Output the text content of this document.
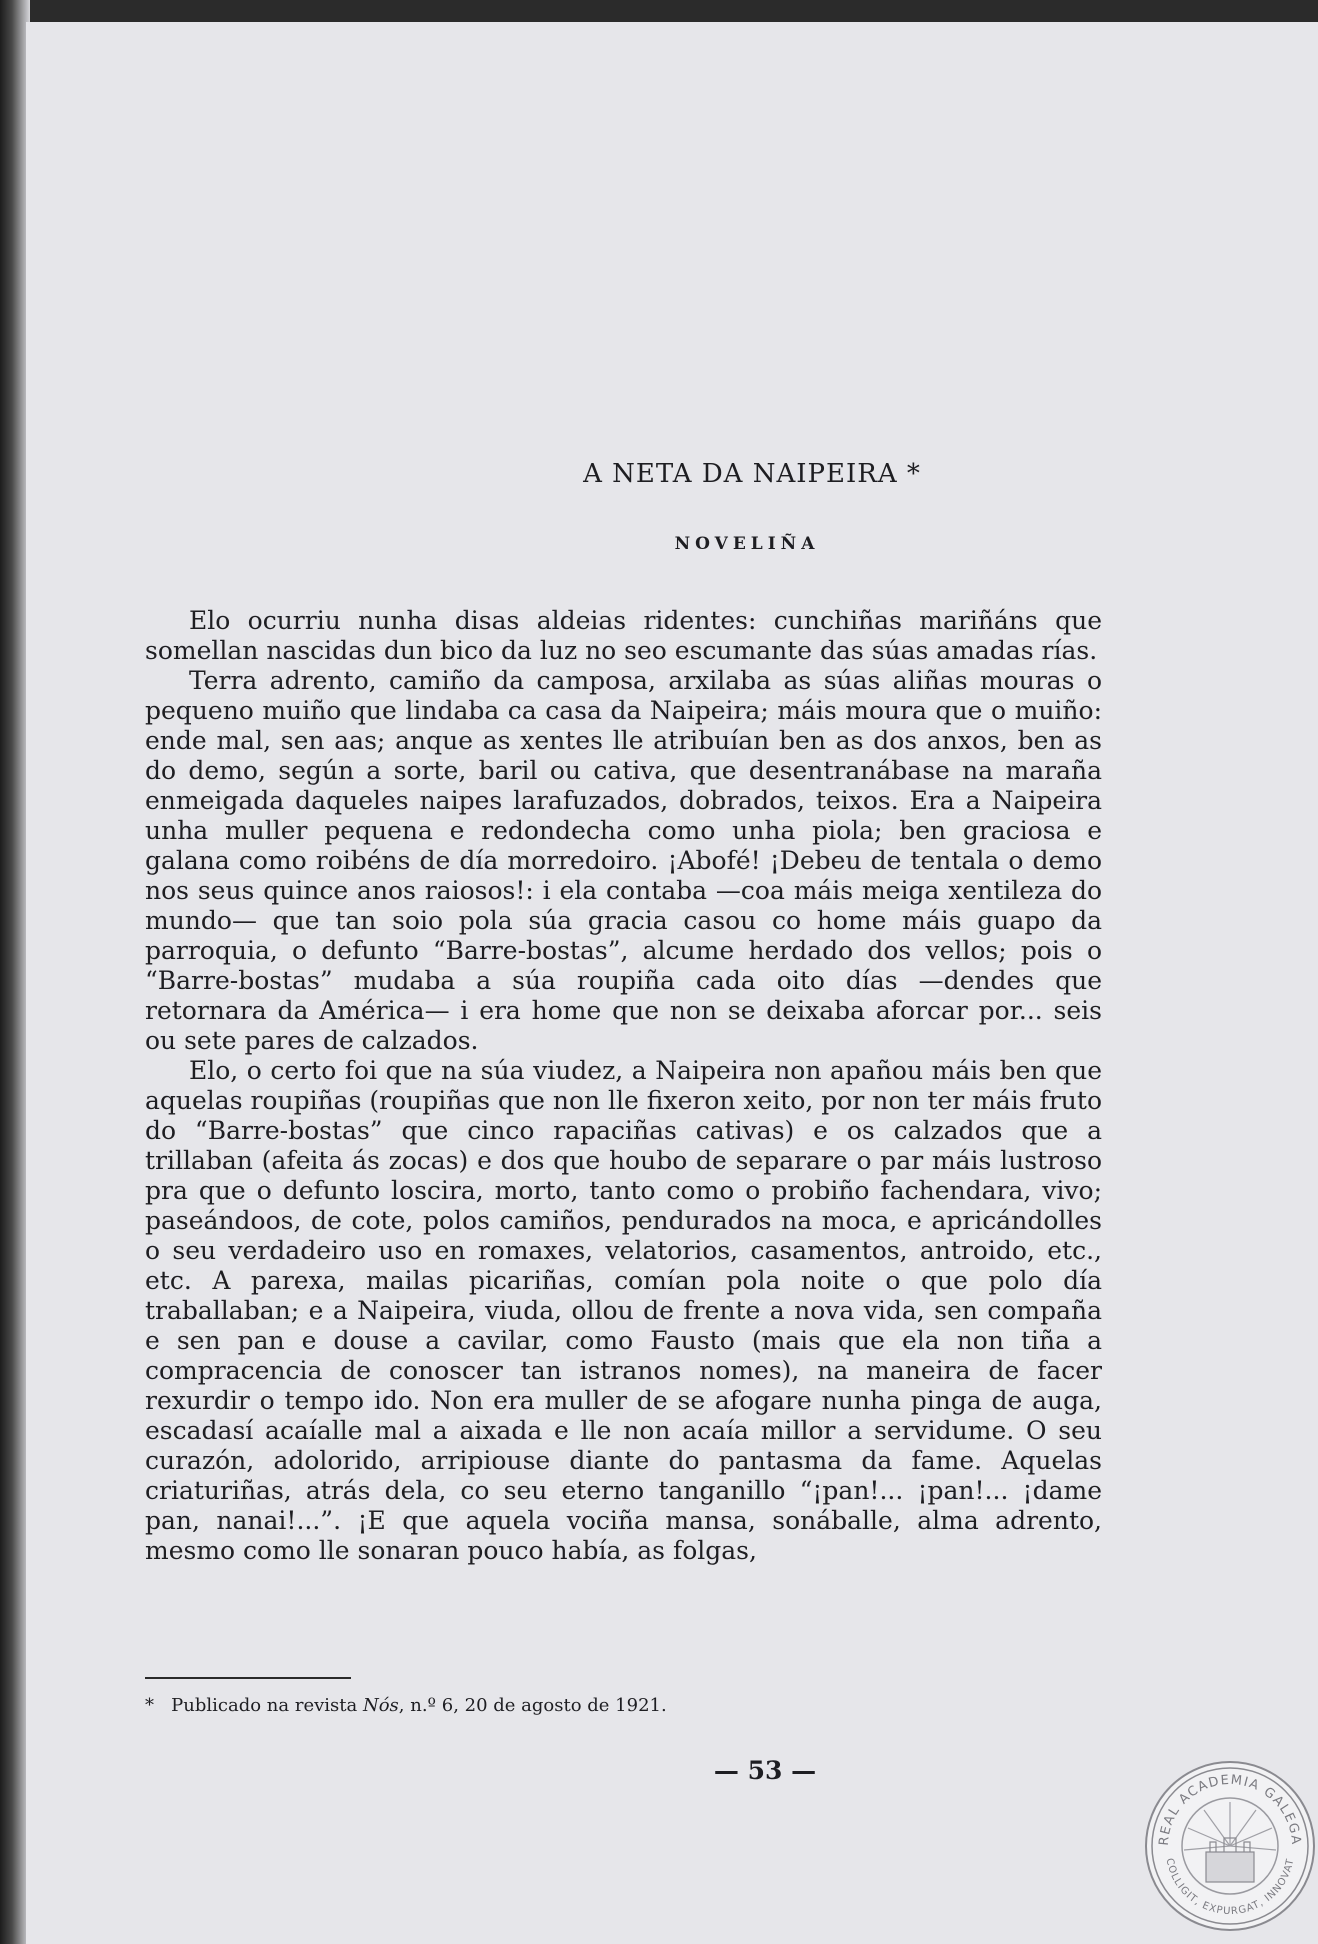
A NETA DA NAIPEIRA *
NOVELIÑA

Elo ocurriu nunha disas aldeias ridentes: cunchiñas mariñáns que somellan nascidas dun bico da luz no seo escumante das súas amadas rías.

Terra adrento, camiño da camposa, arxilaba as súas aliñas mouras o pequeno muiño que lindaba ca casa da Naipeira; máis moura que o muiño: ende mal, sen aas; anque as xentes lle atribuían ben as dos anxos, ben as do demo, según a sorte, baril ou cativa, que desentranábase na maraña enmeigada daqueles naipes larafuzados, dobrados, teixos. Era a Naipeira unha muller pequena e redondecha como unha piola; ben graciosa e galana como roibéns de día morredoiro. ¡Abofé! ¡Debeu de tentala o demo nos seus quince anos raiosos!: i ela contaba —coa máis meiga xentileza do mundo— que tan soio pola súa gracia casou co home máis guapo da parroquia, o defunto “Barre-bostas”, alcume herdado dos vellos; pois o “Barre-bostas” mudaba a súa roupiña cada oito días —dendes que retornara da América— i era home que non se deixaba aforcar por... seis ou sete pares de calzados.

Elo, o certo foi que na súa viudez, a Naipeira non apañou máis ben que aquelas roupiñas (roupiñas que non lle fixeron xeito, por non ter máis fruto do “Barre-bostas” que cinco rapaciñas cativas) e os calzados que a trillaban (afeita ás zocas) e dos que houbo de separare o par máis lustroso pra que o defunto loscira, morto, tanto como o probiño fachendara, vivo; paseándoos, de cote, polos camiños, pendurados na moca, e apricándolles o seu verdadeiro uso en romaxes, velatorios, casamentos, antroido, etc., etc. A parexa, mailas picariñas, comían pola noite o que polo día traballaban; e a Naipeira, viuda, ollou de frente a nova vida, sen compaña e sen pan e douse a cavilar, como Fausto (mais que ela non tiña a compracencia de conoscer tan istranos nomes), na maneira de facer rexurdir o tempo ido. Non era muller de se afogare nunha pinga de auga, escadasí acaíalle mal a aixada e lle non acaía millor a servidume. O seu curazón, adolorido, arripiouse diante do pantasma da fame. Aquelas criaturiñas, atrás dela, co seu eterno tanganillo “¡pan!... ¡pan!... ¡dame pan, nanai!...”. ¡E que aquela vociña mansa, sonáballe, alma adrento, mesmo como lle sonaran pouco había, as folgas,

* Publicado na revista Nós, n.º 6, 20 de agosto de 1921.
— 53 —
REAL ACADEMIA GALEGA
COLLIGIT, EXPURGAT, INNOVAT
